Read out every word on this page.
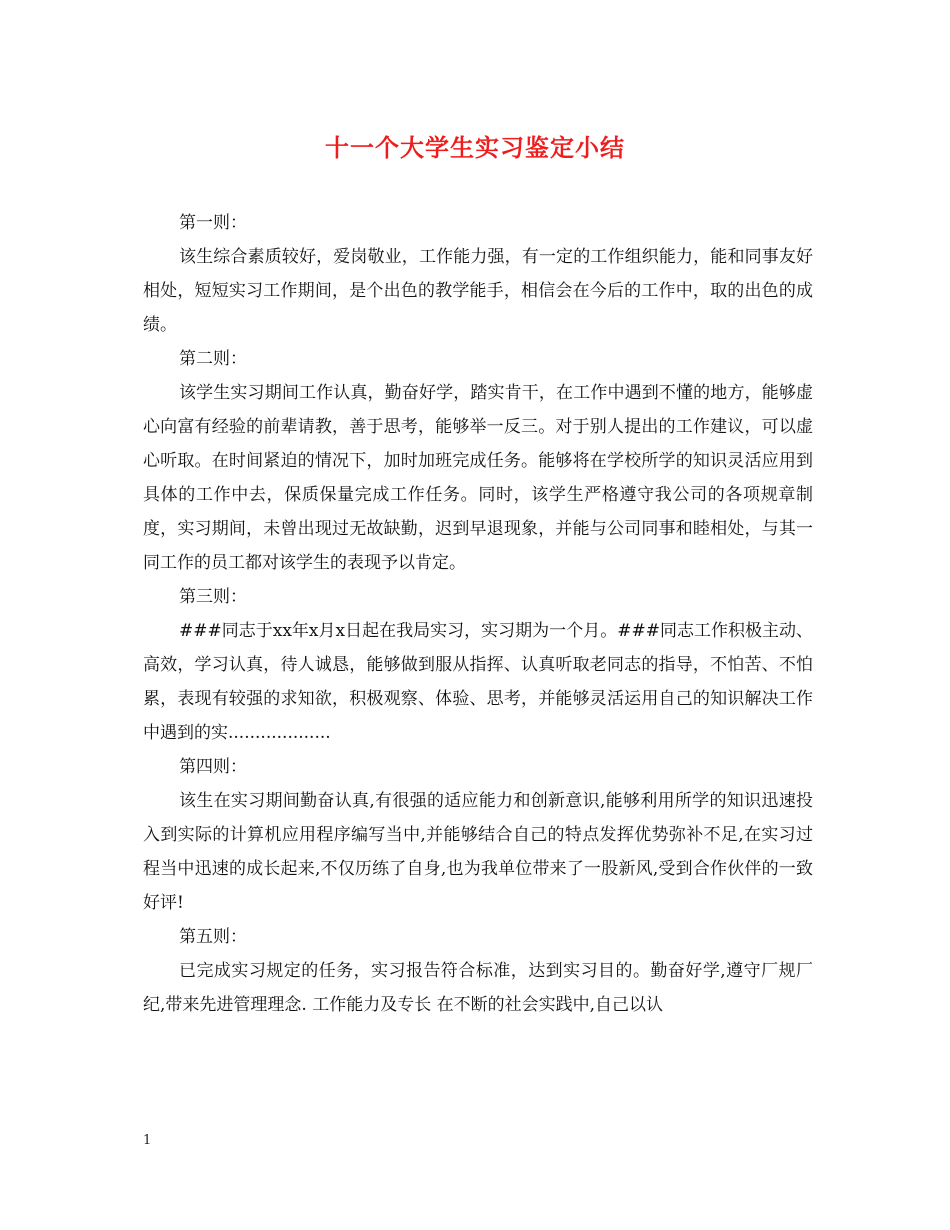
十一个大学生实习鉴定小结

第一则：

该生综合素质较好，爱岗敬业，工作能力强，有一定的工作组织能力，能和同事友好相处，短短实习工作期间，是个出色的教学能手，相信会在今后的工作中，取的出色的成绩。

第二则：

该学生实习期间工作认真，勤奋好学，踏实肯干，在工作中遇到不懂的地方，能够虚心向富有经验的前辈请教，善于思考，能够举一反三。对于别人提出的工作建议，可以虚心听取。在时间紧迫的情况下，加时加班完成任务。能够将在学校所学的知识灵活应用到具体的工作中去，保质保量完成工作任务。同时，该学生严格遵守我公司的各项规章制度，实习期间，未曾出现过无故缺勤，迟到早退现象，并能与公司同事和睦相处，与其一同工作的员工都对该学生的表现予以肯定。

第三则：

###同志于xx年x月x日起在我局实习，实习期为一个月。###同志工作积极主动、高效，学习认真，待人诚恳，能够做到服从指挥、认真听取老同志的指导，不怕苦、不怕累，表现有较强的求知欲，积极观察、体验、思考，并能够灵活运用自己的知识解决工作中遇到的实...................

第四则：

该生在实习期间勤奋认真,有很强的适应能力和创新意识,能够利用所学的知识迅速投入到实际的计算机应用程序编写当中,并能够结合自己的特点发挥优势弥补不足,在实习过程当中迅速的成长起来,不仅历练了自身,也为我单位带来了一股新风,受到合作伙伴的一致好评!

第五则：

已完成实习规定的任务，实习报告符合标准，达到实习目的。勤奋好学,遵守厂规厂纪,带来先进管理理念. 工作能力及专长 在不断的社会实践中,自己以认

1
